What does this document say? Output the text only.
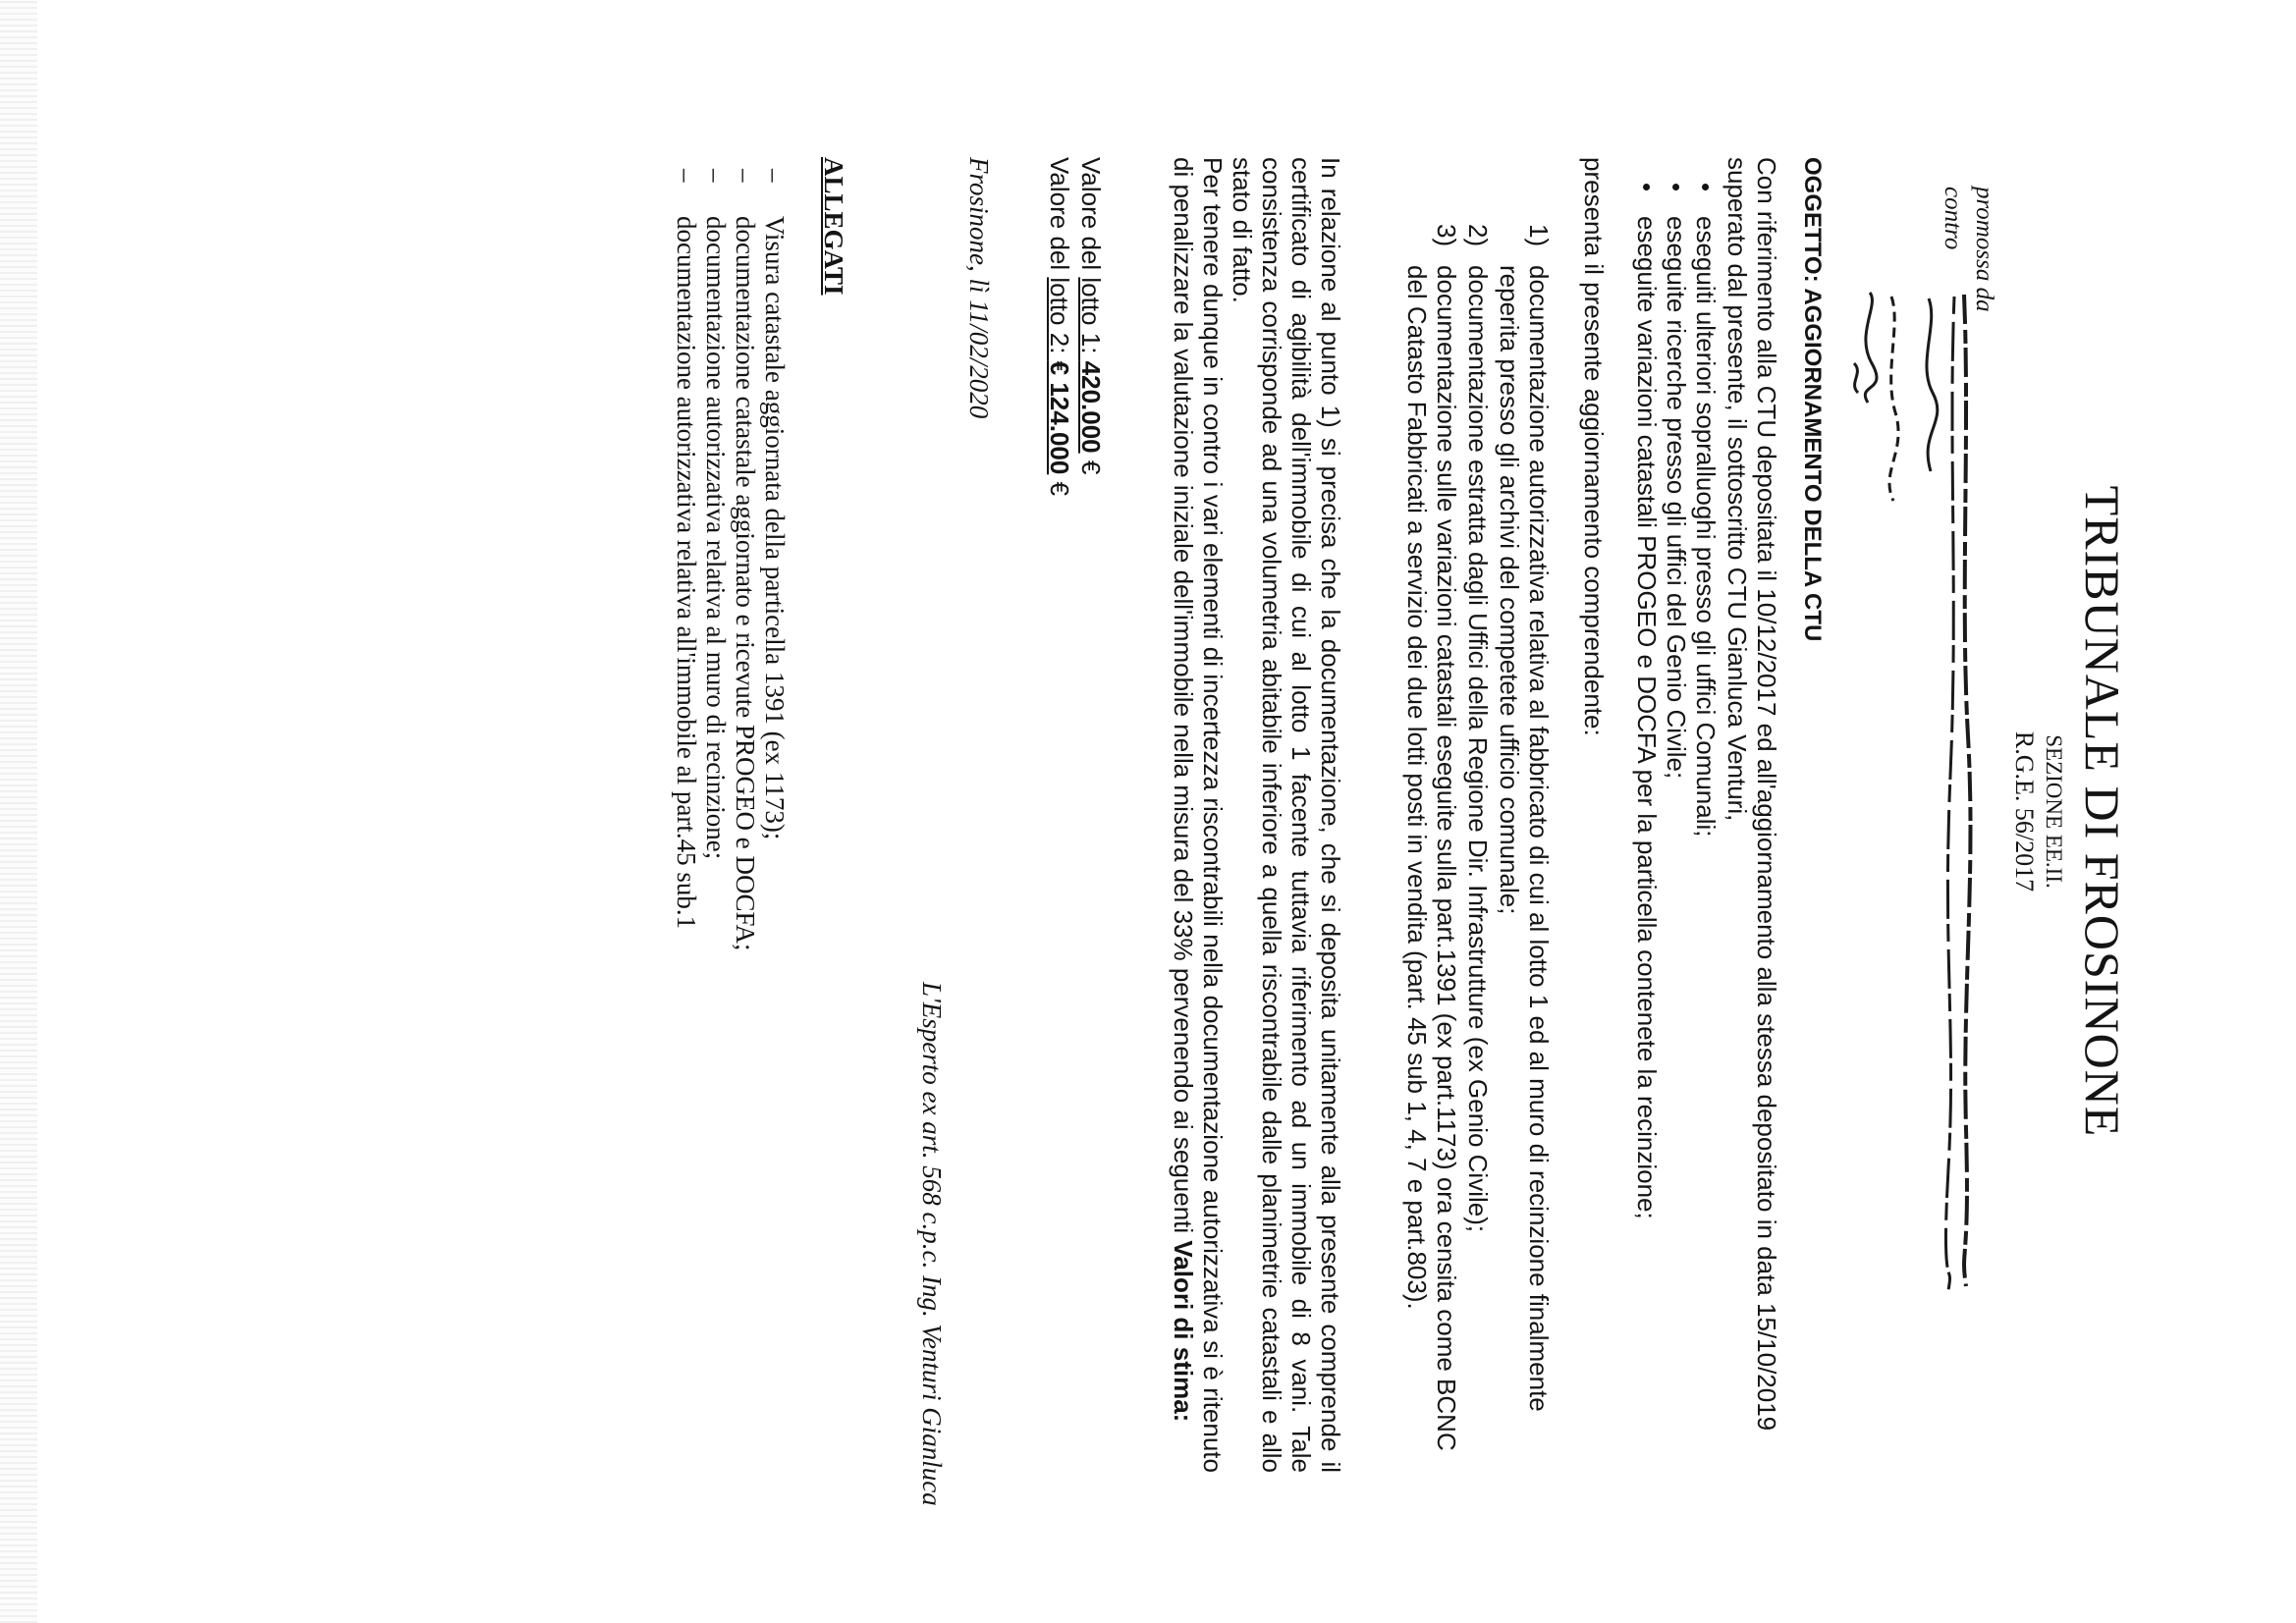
TRIBUNALE DI FROSINONE
SEZIONE EE.II.
R.G.E. 56/2017
promossa da
contro
OGGETTO: AGGIORNAMENTO DELLA CTU
Con riferimento alla CTU depositata il 10/12/2017 ed all'aggiornamento alla stessa depositato in data 15/10/2019 superato dal presente, il sottoscritto CTU Gianluca Venturi,
•
eseguiti ulteriori sopralluoghi presso gli uffici Comunali;
•
eseguite ricerche presso gli uffici del Genio Civile;
•
eseguite variazioni catastali PROGEO e DOCFA per la particella contenete la recinzione;
presenta il presente aggiornamento comprendente:
1)
documentazione autorizzativa relativa al fabbricato di cui al lotto 1 ed al muro di recinzione finalmente reperita presso gli archivi del competete ufficio comunale;
2)
documentazione estratta dagli Uffici della Regione Dir. Infrastrutture (ex Genio Civile);
3)
documentazione sulle variazioni catastali eseguite sulla part.1391 (ex part.1173) ora censita come BCNC del Catasto Fabbricati a servizio dei due lotti posti in vendita (part. 45 sub 1, 4, 7 e part.803).
In relazione al punto 1) si precisa che la documentazione, che si deposita unitamente alla presente comprende il certificato di agibilità dell'immobile di cui al lotto 1 facente tuttavia riferimento ad un immobile di 8 vani. Tale consistenza corrisponde ad una volumetria abitabile inferiore a quella riscontrabile dalle planimetrie catastali e allo stato di fatto.
Per tenere dunque in contro i vari elementi di incertezza riscontrabili nella documentazione autorizzativa si è ritenuto di penalizzare la valutazione iniziale dell'immobile nella misura del 33% pervenendo ai seguenti Valori di stima:
Valore del lotto 1: 420.000 €
Valore del lotto 2: € 124.000 €
Frosinone, lì 11/02/2020
L'Esperto ex art. 568 c.p.c. Ing. Venturi Gianluca
ALLEGATI
–
Visura catastale aggiornata della particella 1391 (ex 1173);
–
documentazione catastale aggiornato e ricevute PROGEO e DOCFA;
–
documentazione autorizzativa relativa al muro di recinzione;
–
documentazione autorizzativa relativa all'immobile al part.45 sub.1
